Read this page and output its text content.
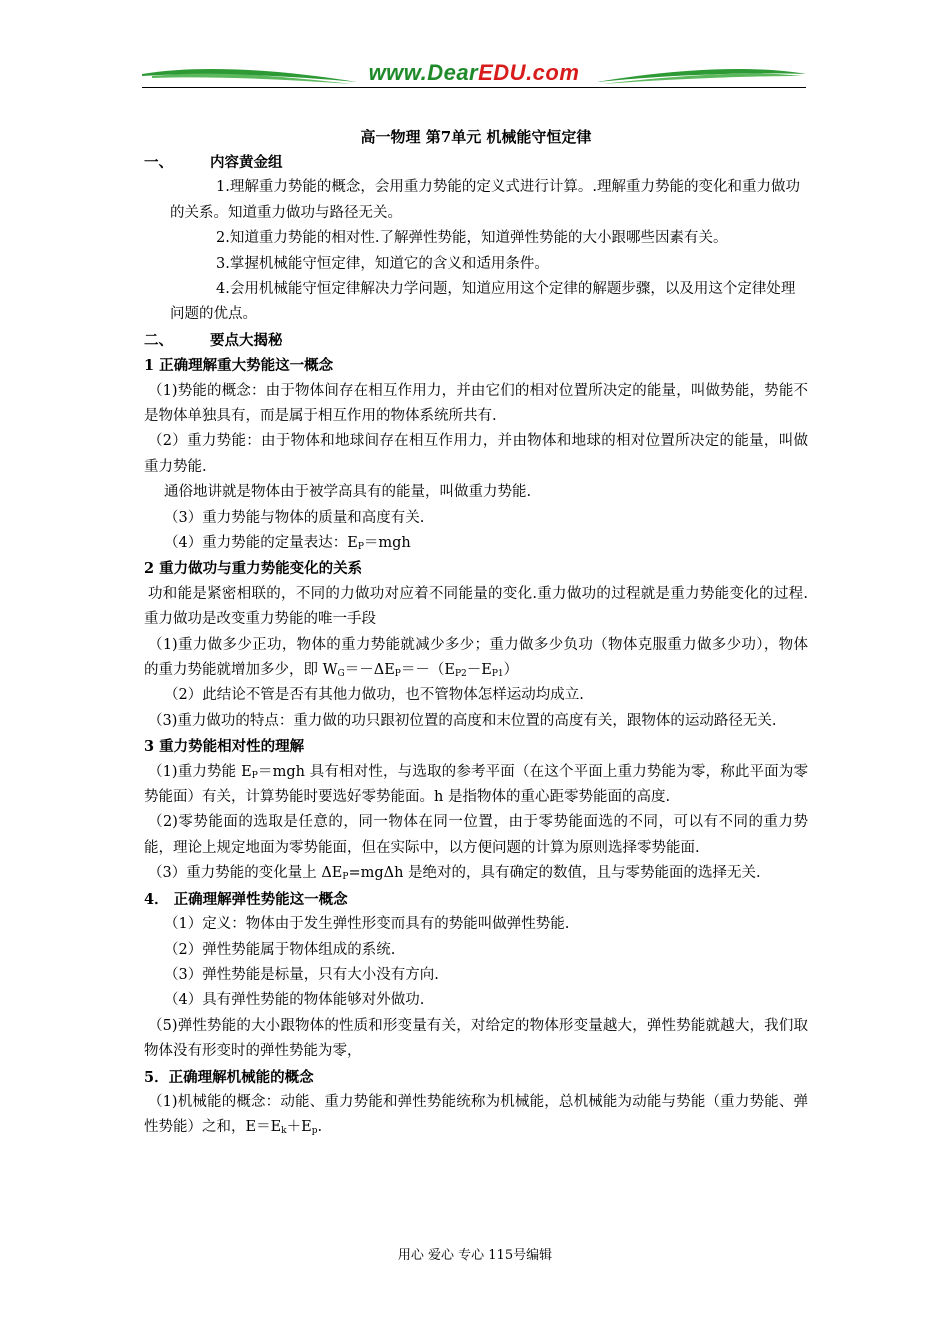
www.DearEDU.com
高一物理 第7单元 机械能守恒定律
一、	内容黄金组
1.理解重力势能的概念，会用重力势能的定义式进行计算。.理解重力势能的变化和重力做功的关系。知道重力做功与路径无关。
2.知道重力势能的相对性.了解弹性势能，知道弹性势能的大小跟哪些因素有关。
3.掌握机械能守恒定律，知道它的含义和适用条件。
4.会用机械能守恒定律解决力学问题，知道应用这个定律的解题步骤，以及用这个定律处理问题的优点。
二、	要点大揭秘
1 正确理解重大势能这一概念
（1)势能的概念：由于物体间存在相互作用力，并由它们的相对位置所决定的能量，叫做势能，势能不是物体单独具有，而是属于相互作用的物体系统所共有.
（2）重力势能：由于物体和地球间存在相互作用力，并由物体和地球的相对位置所决定的能量，叫做重力势能.
通俗地讲就是物体由于被学高具有的能量，叫做重力势能.
（3）重力势能与物体的质量和高度有关.
（4）重力势能的定量表达：$E_P=mgh$
2 重力做功与重力势能变化的关系
功和能是紧密相联的，不同的力做功对应着不同能量的变化.重力做功的过程就是重力势能变化的过程.重力做功是改变重力势能的唯一手段
（1)重力做多少正功，物体的重力势能就减少多少；重力做多少负功（物体克服重力做多少功），物体的重力势能就增加多少，即 $W_G=-\Delta E_P=-(E_{P2}-E_{P1})$
（2）此结论不管是否有其他力做功，也不管物体怎样运动均成立.
（3)重力做功的特点：重力做的功只跟初位置的高度和末位置的高度有关，跟物体的运动路径无关.
3 重力势能相对性的理解
（1)重力势能 $E_P=mgh$ 具有相对性，与选取的参考平面（在这个平面上重力势能为零，称此平面为零势能面）有关，计算势能时要选好零势能面。h 是指物体的重心距零势能面的高度.
（2)零势能面的选取是任意的，同一物体在同一位置，由于零势能面选的不同，可以有不同的重力势能，理论上规定地面为零势能面，但在实际中，以方便问题的计算为原则选择零势能面.
（3）重力势能的变化量上 $\Delta E_P=mg\Delta h$ 是绝对的，具有确定的数值，且与零势能面的选择无关.
4． 正确理解弹性势能这一概念
（1）定义：物体由于发生弹性形变而具有的势能叫做弹性势能.
（2）弹性势能属于物体组成的系统.
（3）弹性势能是标量，只有大小没有方向.
（4）具有弹性势能的物体能够对外做功.
（5)弹性势能的大小跟物体的性质和形变量有关，对给定的物体形变量越大，弹性势能就越大，我们取物体没有形变时的弹性势能为零，
5．正确理解机械能的概念
（1)机械能的概念：动能、重力势能和弹性势能统称为机械能，总机械能为动能与势能（重力势能、弹性势能）之和，$E=E_k+E_p$.
用心 爱心 专心 115号编辑
